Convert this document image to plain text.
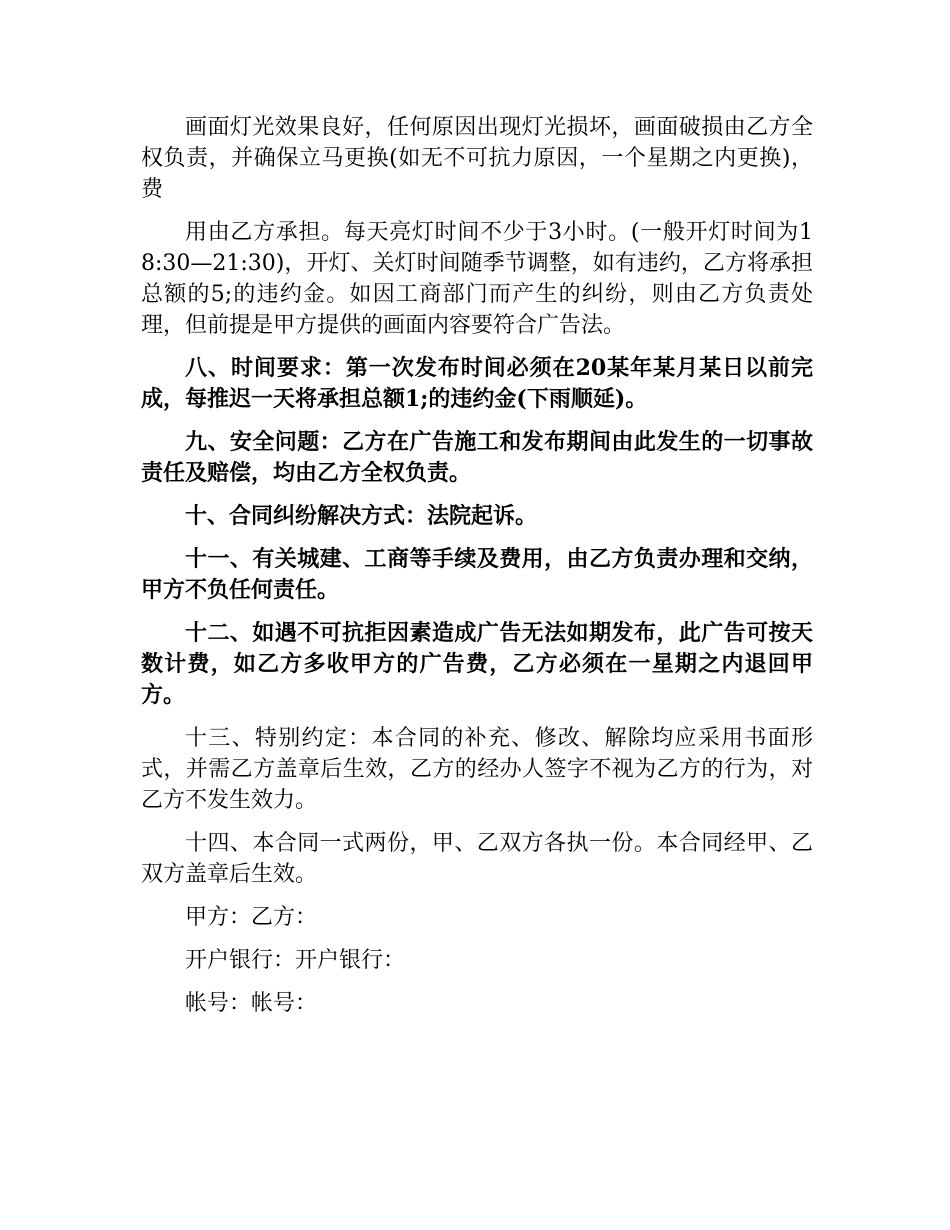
画面灯光效果良好，任何原因出现灯光损坏，画面破损由乙方全权负责，并确保立马更换(如无不可抗力原因，一个星期之内更换)，费

用由乙方承担。每天亮灯时间不少于3小时。(一般开灯时间为18:30—21:30)，开灯、关灯时间随季节调整，如有违约，乙方将承担总额的5;的违约金。如因工商部门而产生的纠纷，则由乙方负责处理，但前提是甲方提供的画面内容要符合广告法。

八、时间要求：第一次发布时间必须在20某年某月某日以前完成，每推迟一天将承担总额1;的违约金(下雨顺延)。

九、安全问题：乙方在广告施工和发布期间由此发生的一切事故责任及赔偿，均由乙方全权负责。

十、合同纠纷解决方式：法院起诉。

十一、有关城建、工商等手续及费用，由乙方负责办理和交纳，甲方不负任何责任。

十二、如遇不可抗拒因素造成广告无法如期发布，此广告可按天数计费，如乙方多收甲方的广告费，乙方必须在一星期之内退回甲方。

十三、特别约定：本合同的补充、修改、解除均应采用书面形式，并需乙方盖章后生效，乙方的经办人签字不视为乙方的行为，对乙方不发生效力。

十四、本合同一式两份，甲、乙双方各执一份。本合同经甲、乙双方盖章后生效。

甲方：乙方：

开户银行：开户银行：

帐号：帐号：
